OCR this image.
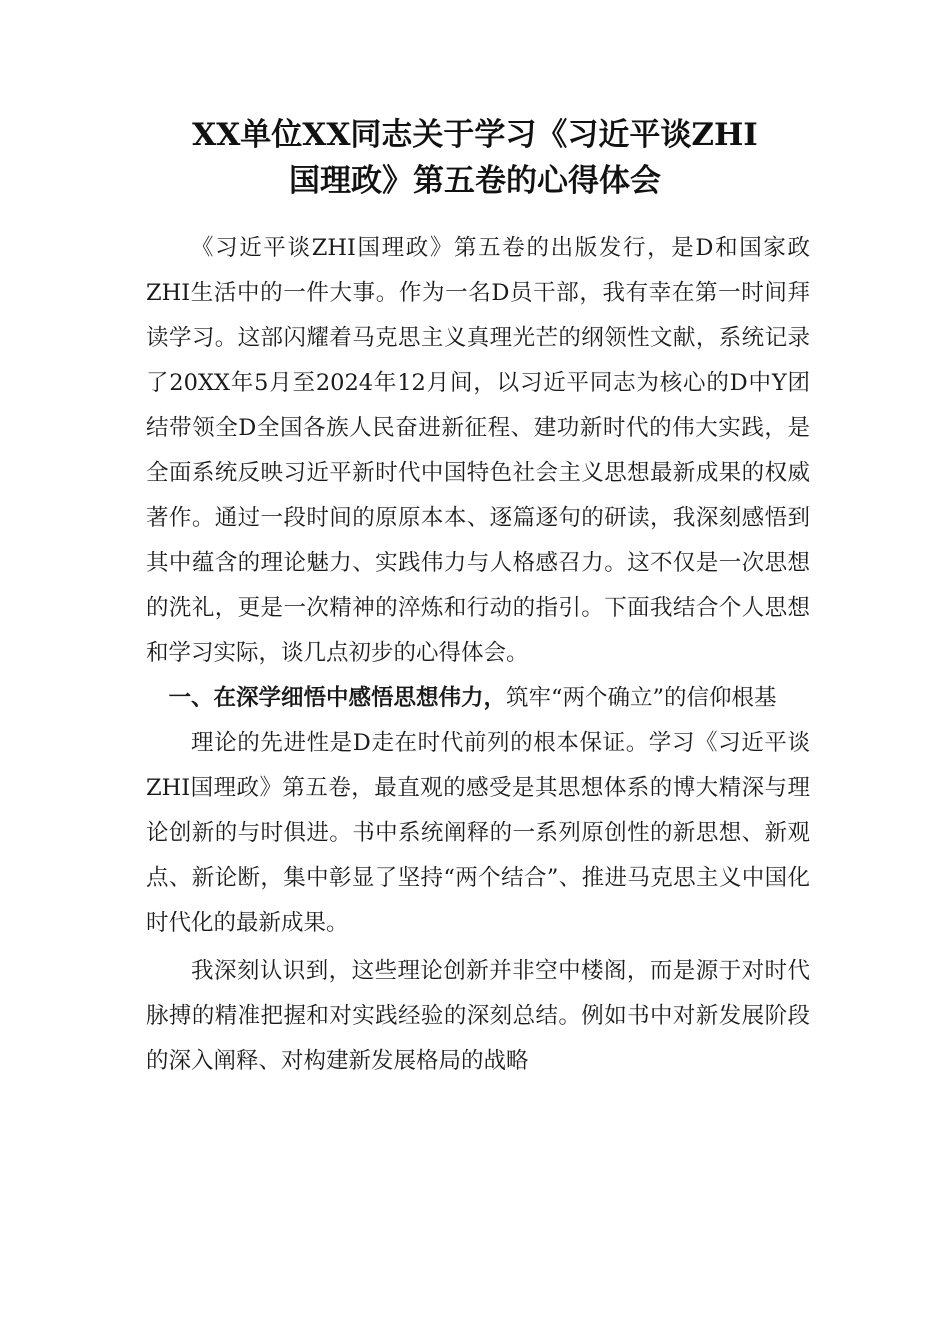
XX单位XX同志关于学习《习近平谈ZHI
国理政》第五卷的心得体会

《习近平谈ZHI国理政》第五卷的出版发行，是D和国家政ZHI生活中的一件大事。作为一名D员干部，我有幸在第一时间拜读学习。这部闪耀着马克思主义真理光芒的纲领性文献，系统记录了20XX年5月至2024年12月间，以习近平同志为核心的D中Y团结带领全D全国各族人民奋进新征程、建功新时代的伟大实践，是全面系统反映习近平新时代中国特色社会主义思想最新成果的权威著作。通过一段时间的原原本本、逐篇逐句的研读，我深刻感悟到其中蕴含的理论魅力、实践伟力与人格感召力。这不仅是一次思想的洗礼，更是一次精神的淬炼和行动的指引。下面我结合个人思想和学习实际，谈几点初步的心得体会。

一、在深学细悟中感悟思想伟力，筑牢“两个确立”的信仰根基

理论的先进性是D走在时代前列的根本保证。学习《习近平谈ZHI国理政》第五卷，最直观的感受是其思想体系的博大精深与理论创新的与时俱进。书中系统阐释的一系列原创性的新思想、新观点、新论断，集中彰显了坚持“两个结合”、推进马克思主义中国化时代化的最新成果。

我深刻认识到，这些理论创新并非空中楼阁，而是源于对时代脉搏的精准把握和对实践经验的深刻总结。例如书中对新发展阶段的深入阐释、对构建新发展格局的战略
